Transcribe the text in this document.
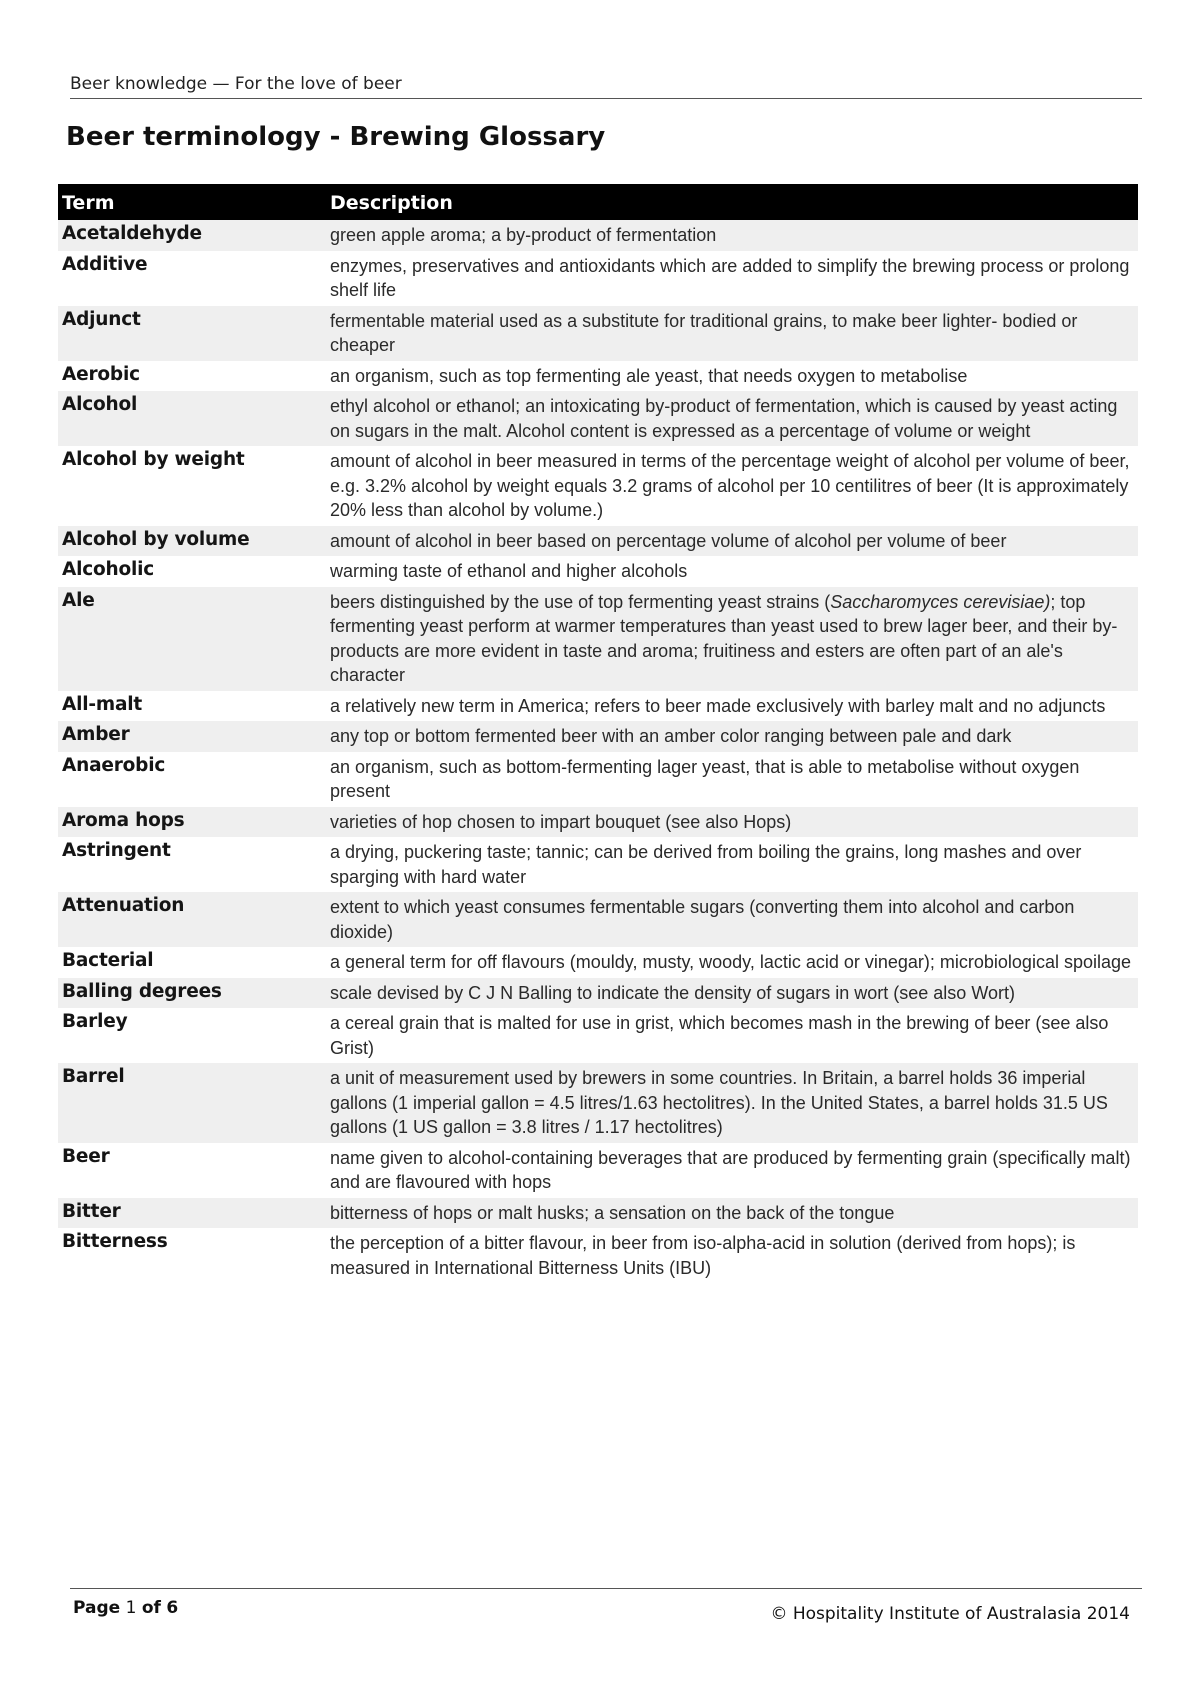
Beer knowledge — For the love of beer
Beer terminology - Brewing Glossary
Term	Description
Acetaldehyde	green apple aroma; a by-product of fermentation
Additive	enzymes, preservatives and antioxidants which are added to simplify the brewing process or prolong shelf life
Adjunct	fermentable material used as a substitute for traditional grains, to make beer lighter- bodied or cheaper
Aerobic	an organism, such as top fermenting ale yeast, that needs oxygen to metabolise
Alcohol	ethyl alcohol or ethanol; an intoxicating by-product of fermentation, which is caused by yeast acting on sugars in the malt. Alcohol content is expressed as a percentage of volume or weight
Alcohol by weight	amount of alcohol in beer measured in terms of the percentage weight of alcohol per volume of beer, e.g. 3.2% alcohol by weight equals 3.2 grams of alcohol per 10 centilitres of beer (It is approximately 20% less than alcohol by volume.)
Alcohol by volume	amount of alcohol in beer based on percentage volume of alcohol per volume of beer
Alcoholic	warming taste of ethanol and higher alcohols
Ale	beers distinguished by the use of top fermenting yeast strains (Saccharomyces cerevisiae); top fermenting yeast perform at warmer temperatures than yeast used to brew lager beer, and their by-products are more evident in taste and aroma; fruitiness and esters are often part of an ale's character
All-malt	a relatively new term in America; refers to beer made exclusively with barley malt and no adjuncts
Amber	any top or bottom fermented beer with an amber color ranging between pale and dark
Anaerobic	an organism, such as bottom-fermenting lager yeast, that is able to metabolise without oxygen present
Aroma hops	varieties of hop chosen to impart bouquet (see also Hops)
Astringent	a drying, puckering taste; tannic; can be derived from boiling the grains, long mashes and over sparging with hard water
Attenuation	extent to which yeast consumes fermentable sugars (converting them into alcohol and carbon dioxide)
Bacterial	a general term for off flavours (mouldy, musty, woody, lactic acid or vinegar); microbiological spoilage
Balling degrees	scale devised by C J N Balling to indicate the density of sugars in wort (see also Wort)
Barley	a cereal grain that is malted for use in grist, which becomes mash in the brewing of beer (see also Grist)
Barrel	a unit of measurement used by brewers in some countries. In Britain, a barrel holds 36 imperial gallons (1 imperial gallon = 4.5 litres/1.63 hectolitres). In the United States, a barrel holds 31.5 US gallons (1 US gallon = 3.8 litres / 1.17 hectolitres)
Beer	name given to alcohol-containing beverages that are produced by fermenting grain (specifically malt) and are flavoured with hops
Bitter	bitterness of hops or malt husks; a sensation on the back of the tongue
Bitterness	the perception of a bitter flavour, in beer from iso-alpha-acid in solution (derived from hops); is measured in International Bitterness Units (IBU)
Page 1 of 6	© Hospitality Institute of Australasia 2014
